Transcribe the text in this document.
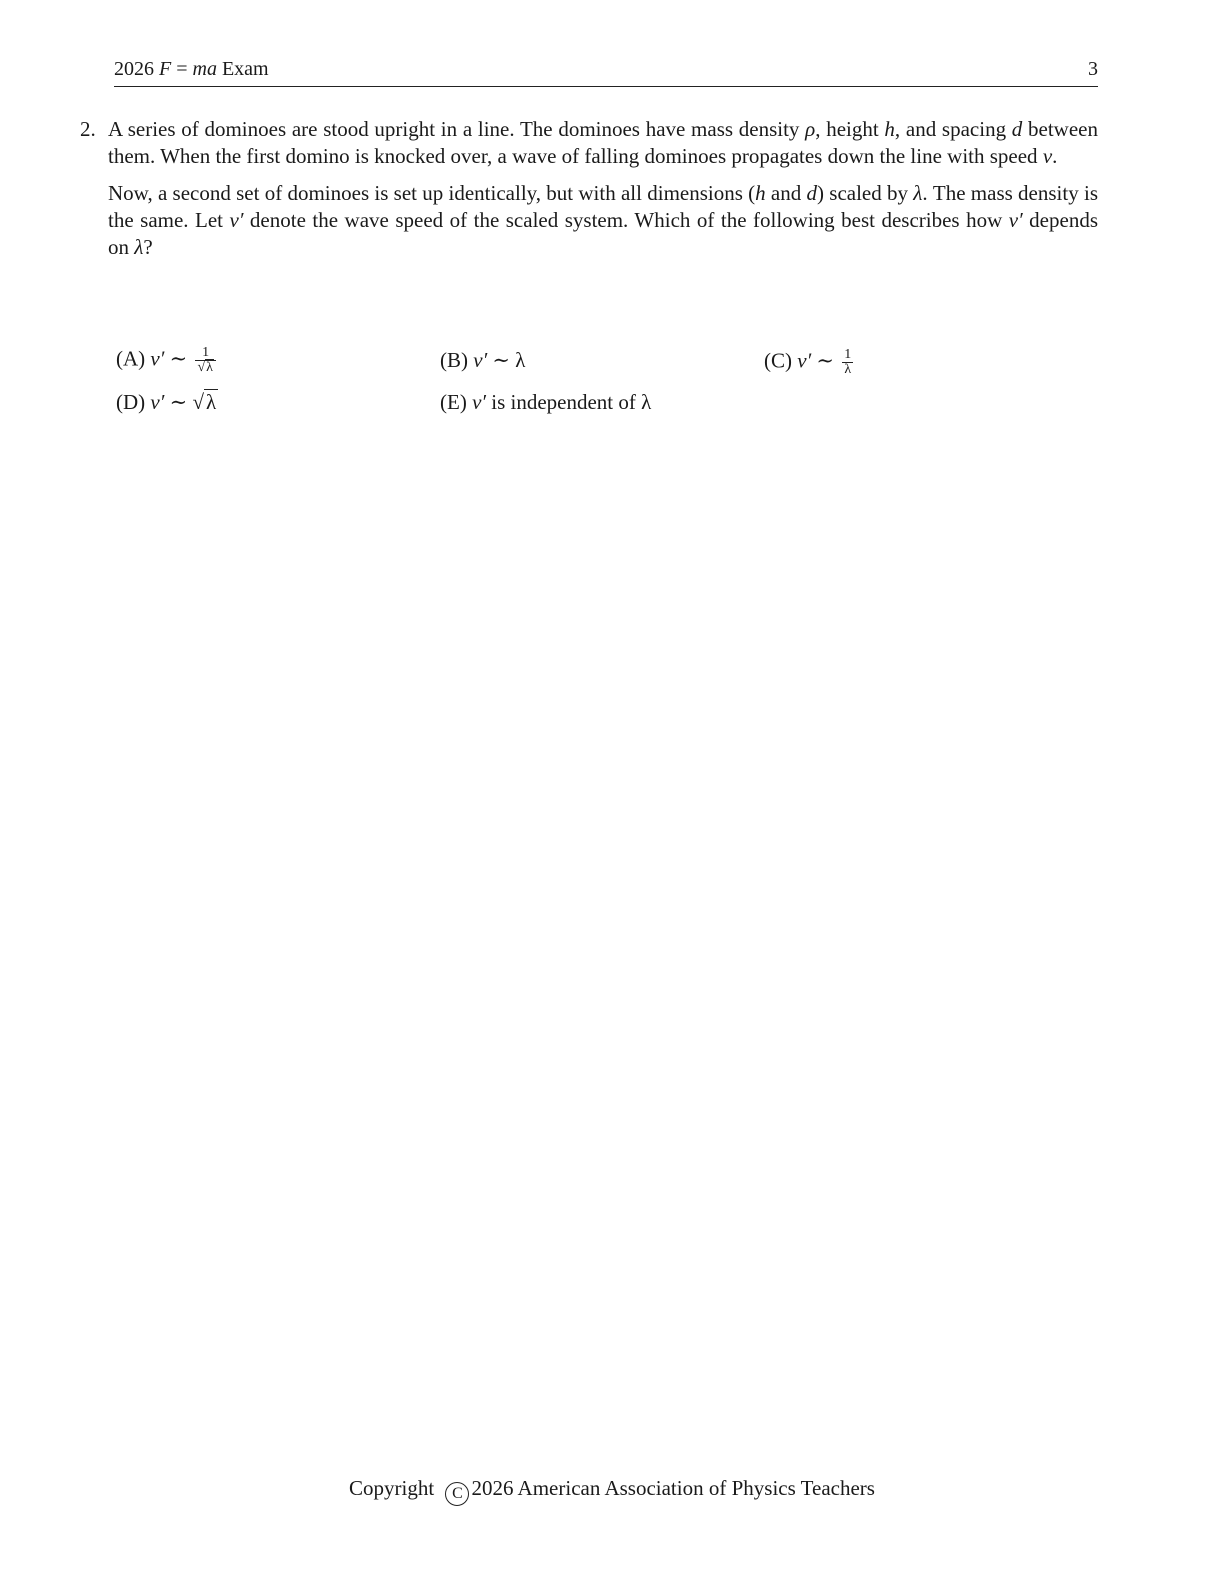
2026 F = ma Exam	3
2. A series of dominoes are stood upright in a line. The dominoes have mass density ρ, height h, and spacing d between them. When the first domino is knocked over, a wave of falling dominoes propagates down the line with speed v.

Now, a second set of dominoes is set up identically, but with all dimensions (h and d) scaled by λ. The mass density is the same. Let v′ denote the wave speed of the scaled system. Which of the following best describes how v′ depends on λ?

(A) v′ ∼ $\frac{1}{√\lambda}$	(B) v′ ∼ λ	(C) v′ ∼ $\frac{1}{\lambda}$
(D) v′ ∼ √λ	(E) v′ is independent of λ
Copyright C 2026 American Association of Physics Teachers
